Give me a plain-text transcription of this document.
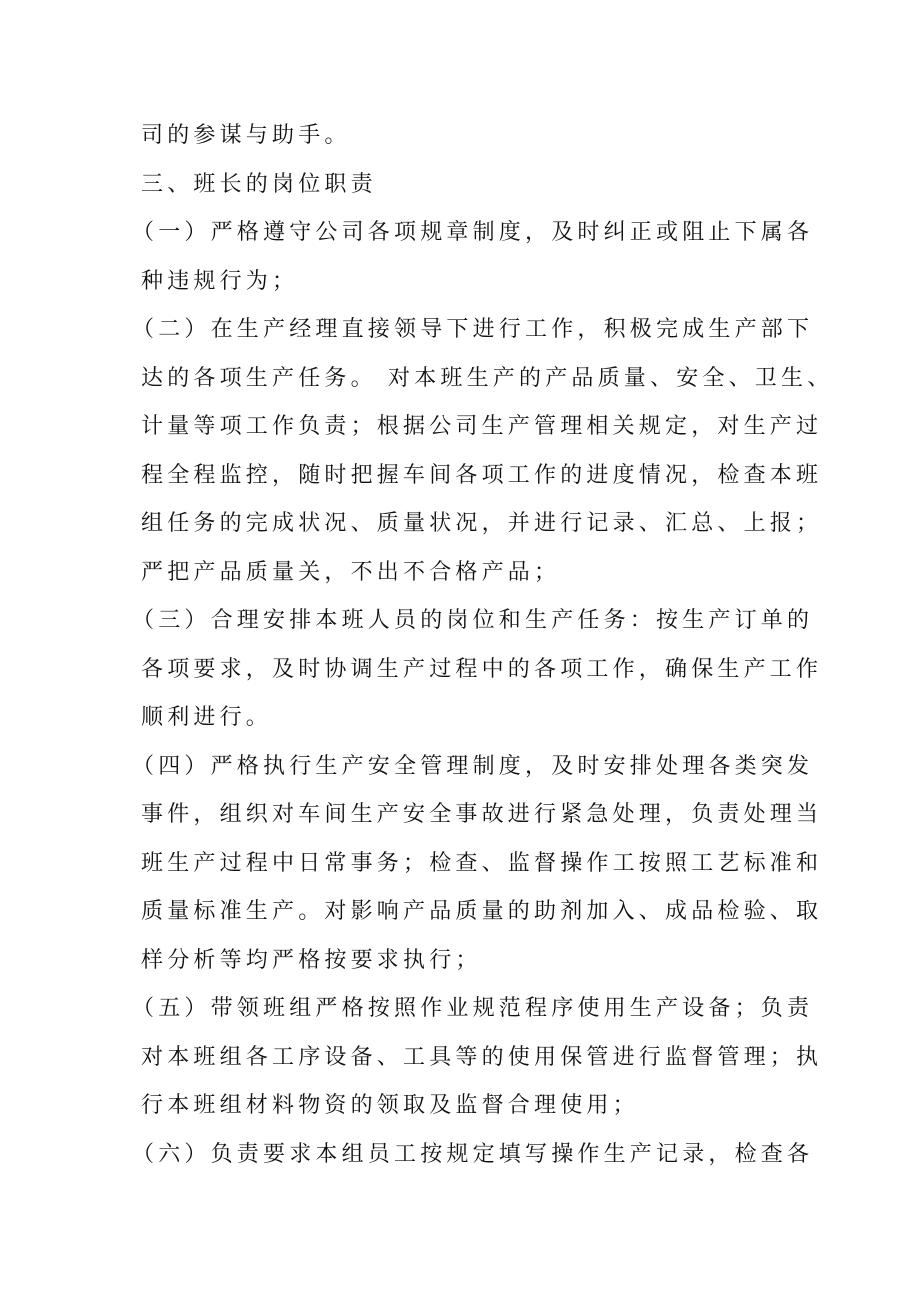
司的参谋与助手。
三、班长的岗位职责
（一）严格遵守公司各项规章制度，及时纠正或阻止下属各
种违规行为；
（二）在生产经理直接领导下进行工作，积极完成生产部下
达的各项生产任务。 对本班生产的产品质量、安全、卫生、
计量等项工作负责；根据公司生产管理相关规定，对生产过
程全程监控，随时把握车间各项工作的进度情况，检查本班
组任务的完成状况、质量状况，并进行记录、汇总、上报；
严把产品质量关，不出不合格产品；
（三）合理安排本班人员的岗位和生产任务：按生产订单的
各项要求，及时协调生产过程中的各项工作，确保生产工作
顺利进行。
（四）严格执行生产安全管理制度，及时安排处理各类突发
事件，组织对车间生产安全事故进行紧急处理，负责处理当
班生产过程中日常事务；检查、监督操作工按照工艺标准和
质量标准生产。对影响产品质量的助剂加入、成品检验、取
样分析等均严格按要求执行；
（五）带领班组严格按照作业规范程序使用生产设备；负责
对本班组各工序设备、工具等的使用保管进行监督管理；执
行本班组材料物资的领取及监督合理使用；
（六）负责要求本组员工按规定填写操作生产记录，检查各
